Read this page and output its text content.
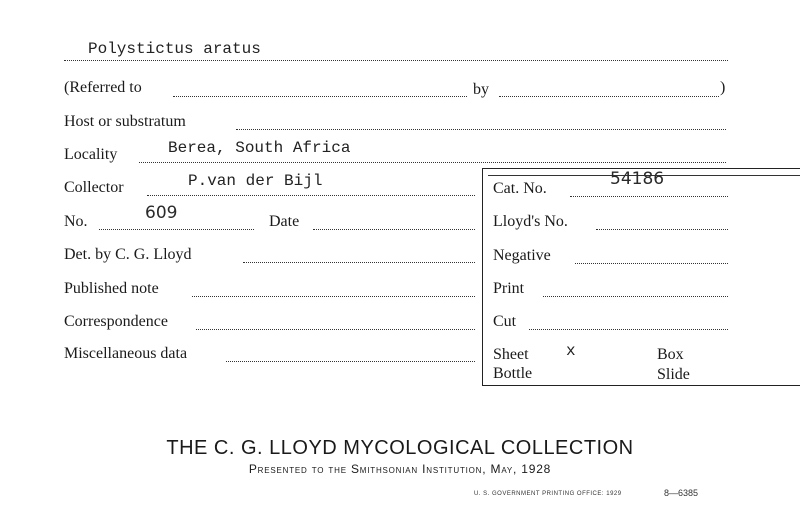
Polystictus aratus
(Referred to	by	)
Host or substratum
Locality	Berea, South Africa
Collector	P.van der Bijl
No.	609	Date
Det. by C. G. Lloyd
Published note
Correspondence
Miscellaneous data
Cat. No.	54186
Lloyd's No.
Negative
Print
Cut
Sheet x	Box
Bottle	Slide
THE C. G. LLOYD MYCOLOGICAL COLLECTION
Presented to the Smithsonian Institution, May, 1928
U. S. GOVERNMENT PRINTING OFFICE: 1929	8—6385
